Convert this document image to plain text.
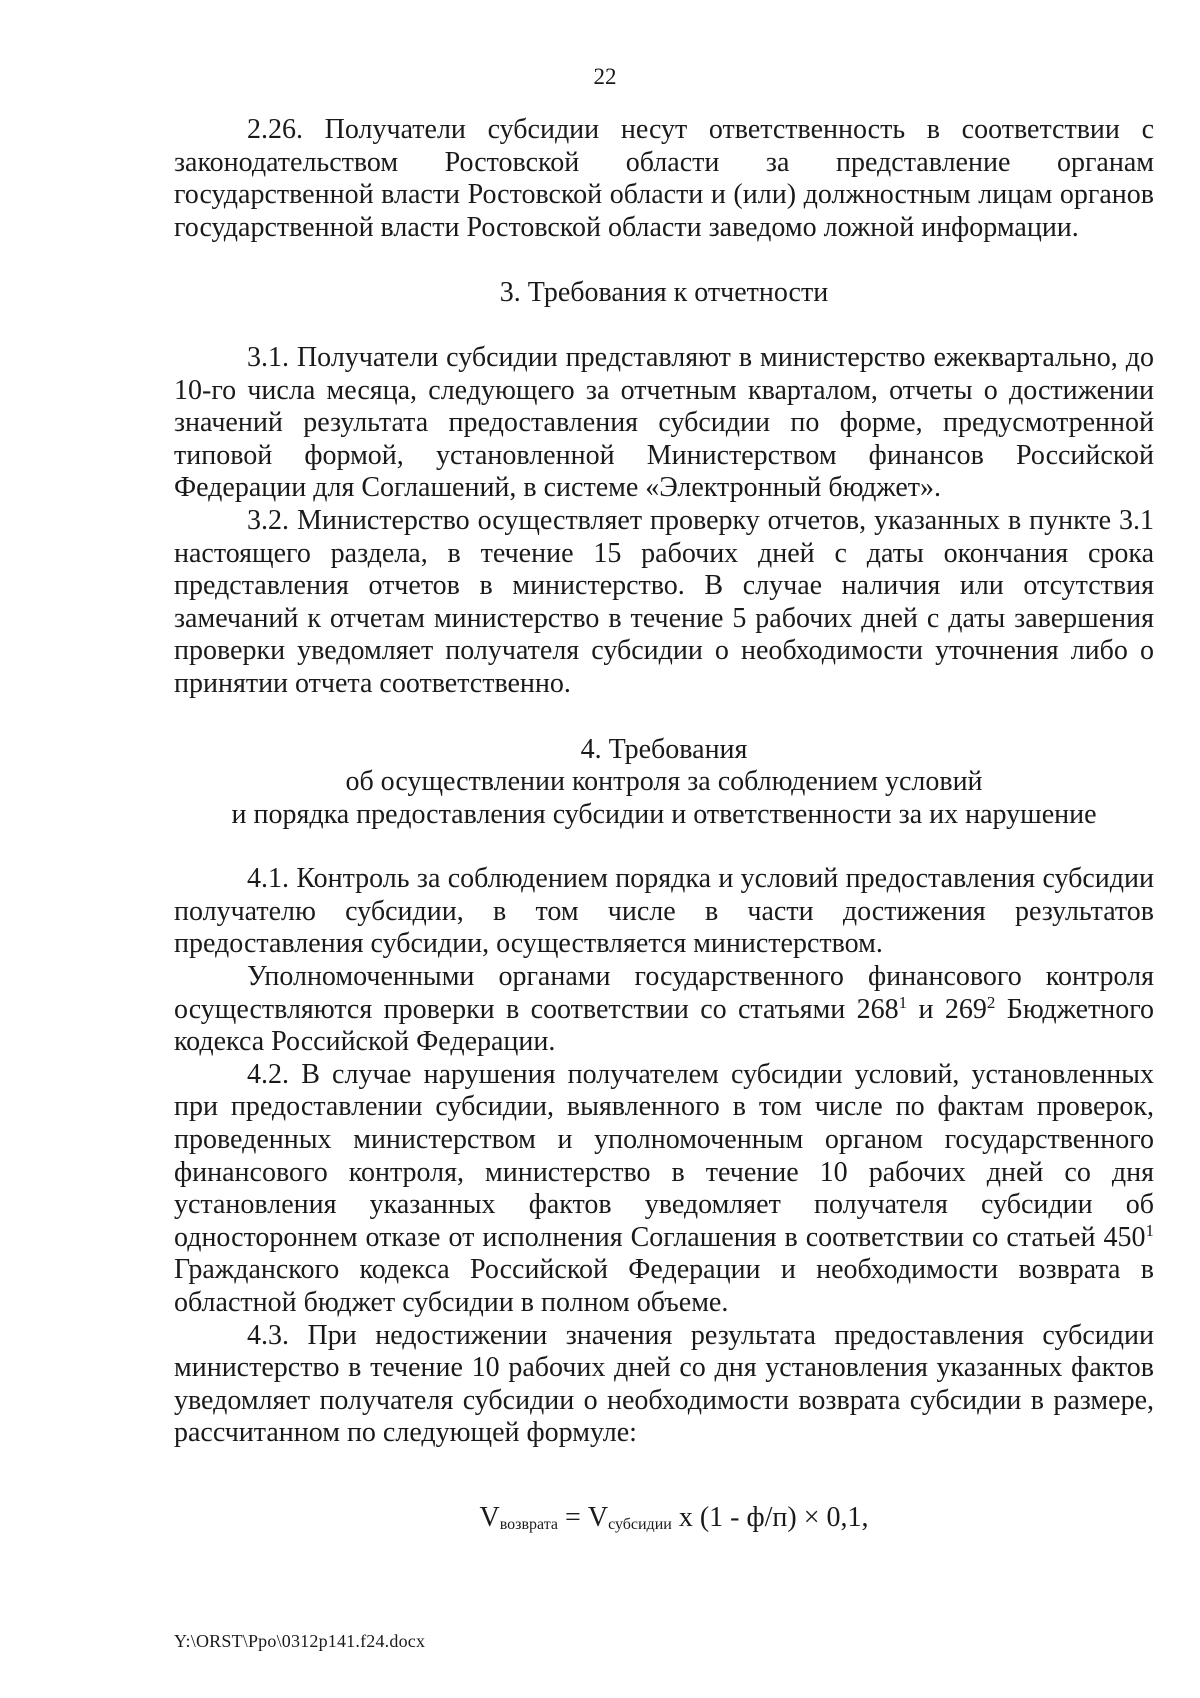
22

2.26. Получатели субсидии несут ответственность в соответствии с законодательством Ростовской области за представление органам государственной власти Ростовской области и (или) должностным лицам органов государственной власти Ростовской области заведомо ложной информации.

3. Требования к отчетности

3.1. Получатели субсидии представляют в министерство ежеквартально, до 10-го числа месяца, следующего за отчетным кварталом, отчеты о достижении значений результата предоставления субсидии по форме, предусмотренной типовой формой, установленной Министерством финансов Российской Федерации для Соглашений, в системе «Электронный бюджет».

3.2. Министерство осуществляет проверку отчетов, указанных в пункте 3.1 настоящего раздела, в течение 15 рабочих дней с даты окончания срока представления отчетов в министерство. В случае наличия или отсутствия замечаний к отчетам министерство в течение 5 рабочих дней с даты завершения проверки уведомляет получателя субсидии о необходимости уточнения либо о принятии отчета соответственно.

4. Требования
об осуществлении контроля за соблюдением условий
и порядка предоставления субсидии и ответственности за их нарушение

4.1. Контроль за соблюдением порядка и условий предоставления субсидии получателю субсидии, в том числе в части достижения результатов предоставления субсидии, осуществляется министерством.

Уполномоченными органами государственного финансового контроля осуществляются проверки в соответствии со статьями 268$^1$ и 269$^2$ Бюджетного кодекса Российской Федерации.

4.2. В случае нарушения получателем субсидии условий, установленных при предоставлении субсидии, выявленного в том числе по фактам проверок, проведенных министерством и уполномоченным органом государственного финансового контроля, министерство в течение 10 рабочих дней со дня установления указанных фактов уведомляет получателя субсидии об одностороннем отказе от исполнения Соглашения в соответствии со статьей 450$^1$ Гражданского кодекса Российской Федерации и необходимости возврата в областной бюджет субсидии в полном объеме.

4.3. При недостижении значения результата предоставления субсидии министерство в течение 10 рабочих дней со дня установления указанных фактов уведомляет получателя субсидии о необходимости возврата субсидии в размере, рассчитанном по следующей формуле:

$V_{возврата} = V_{субсидии}$ x (1 - ф/п) × 0,1,

Y:\ORST\Ppo\0312p141.f24.docx
